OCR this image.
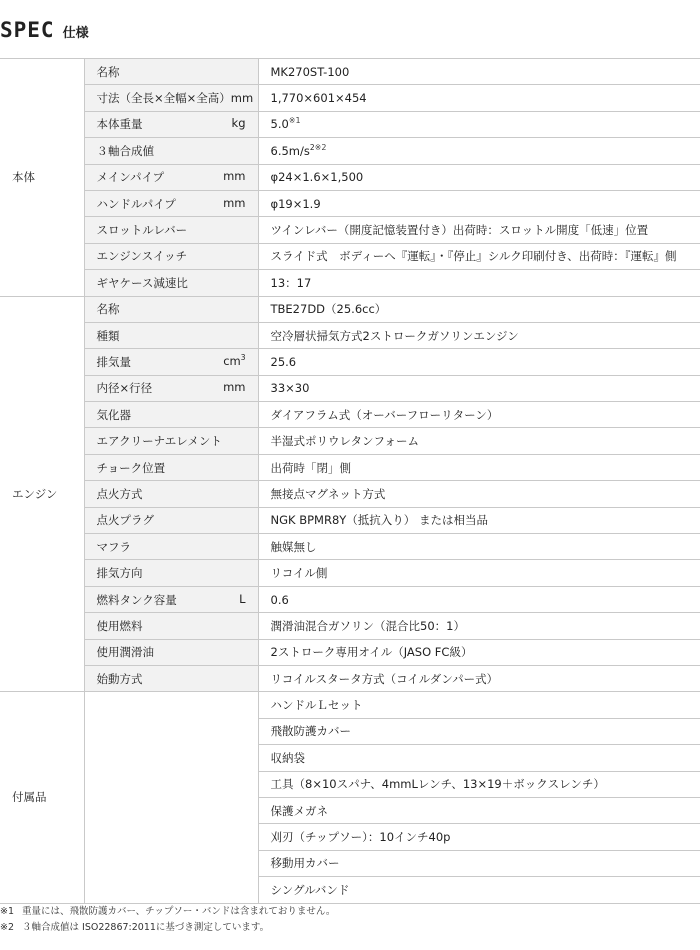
SPEC 仕様
本体	名称	MK270ST-100

	寸法（全長×全幅×全高）mm	1,770×601×454

	本体重量 kg	5.0$^{※1}$

	３軸合成値	6.5m/s$^{2※2}$

	メインパイプ mm	φ24×1.6×1,500

	ハンドルパイプ mm	φ19×1.9

	スロットルレバー	ツインレバー（開度記憶装置付き）出荷時：スロットル開度「低速」位置

	エンジンスイッチ	スライド式　ボディーへ『運転』・『停止』シルク印刷付き、出荷時：『運転』側

	ギヤケース減速比	13：17
エンジン	名称	TBE27DD（25.6cc）

	種類	空冷層状掃気方式2ストロークガソリンエンジン

	排気量 $cm^3$	25.6

	内径×行径 mm	33×30

	気化器	ダイアフラム式（オーバーフローリターン）

	エアクリーナエレメント	半湿式ポリウレタンフォーム

	チョーク位置	出荷時「閉」側

	点火方式	無接点マグネット方式

	点火プラグ	NGK BPMR8Y（抵抗入り） または相当品

	マフラ	触媒無し

	排気方向	リコイル側

	燃料タンク容量 L	0.6

	使用燃料	潤滑油混合ガソリン（混合比50：1）

	使用潤滑油	2ストローク専用オイル（JASO FC級）

	始動方式	リコイルスタータ方式（コイルダンパー式）
付属品		ハンドルＬセット
		飛散防護カバー
		収納袋
		工具（8×10スパナ、4mmLレンチ、13×19＋ボックスレンチ）
		保護メガネ
		刈刃（チップソー）：10インチ40p
		移動用カバー
		シングルバンド
※1 重量には、飛散防護カバー、チップソー・バンドは含まれておりません。
※2 ３軸合成値は ISO22867:2011に基づき測定しています。
